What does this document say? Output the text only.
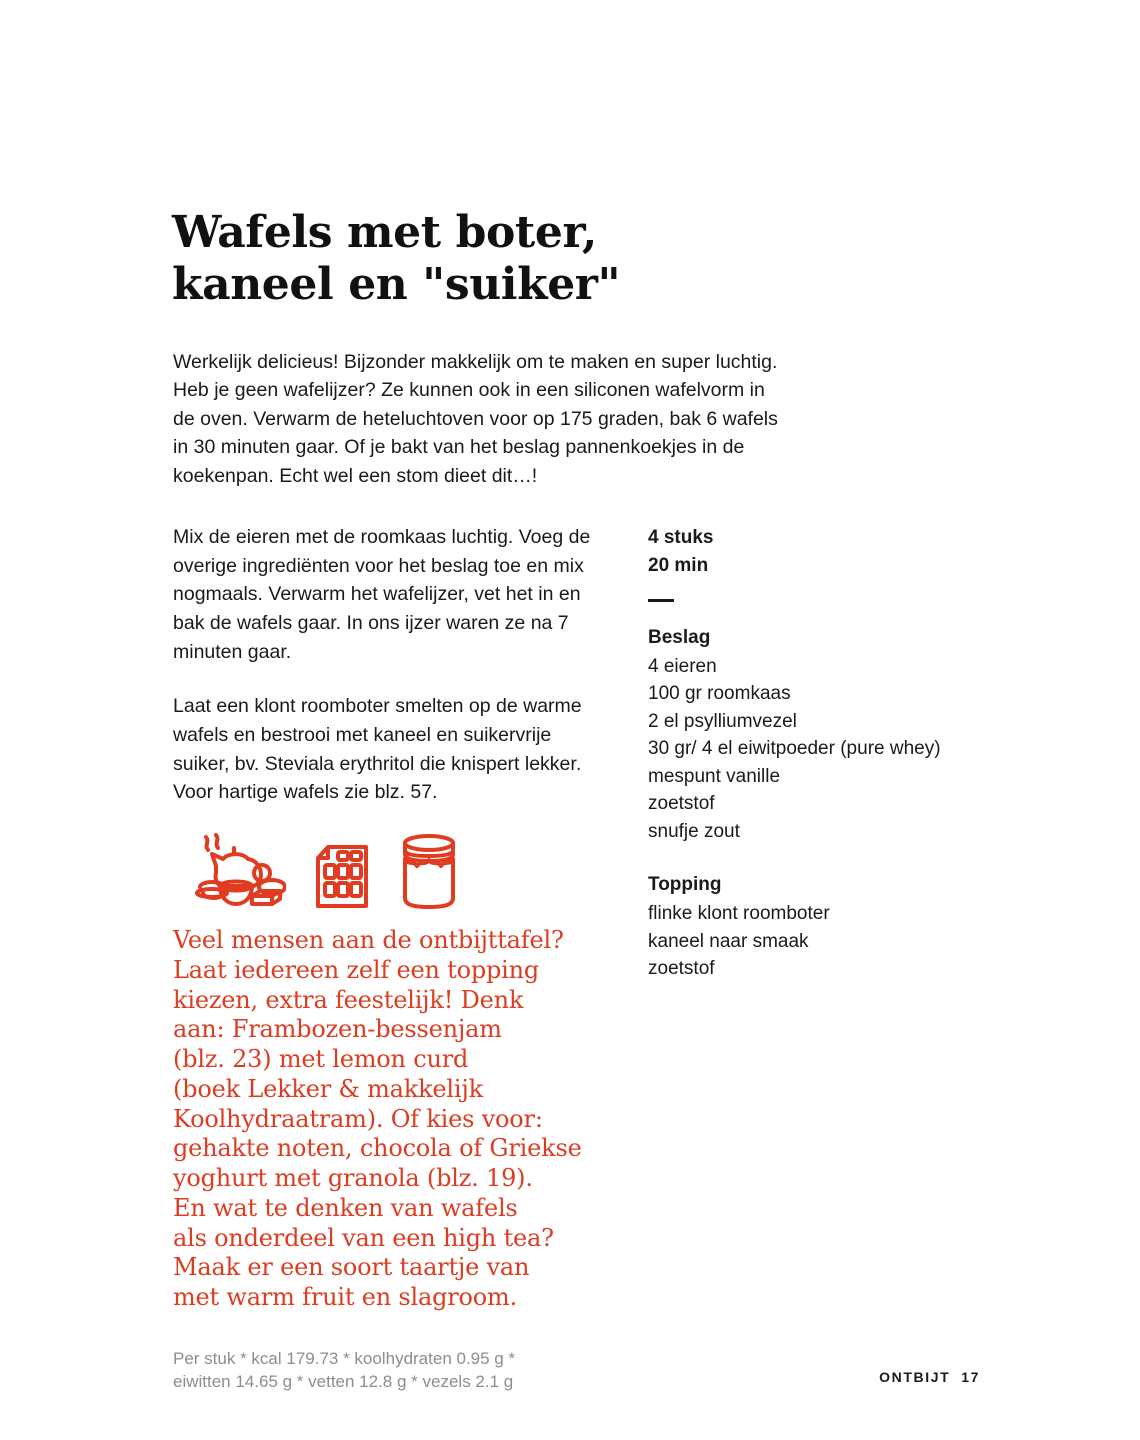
Wafels met boter,
kaneel en "suiker"

Werkelijk delicieus! Bijzonder makkelijk om te maken en super luchtig. Heb je geen wafelijzer? Ze kunnen ook in een siliconen wafelvorm in de oven. Verwarm de heteluchtoven voor op 175 graden, bak 6 wafels in 30 minuten gaar. Of je bakt van het beslag pannenkoekjes in de koekenpan. Echt wel een stom dieet dit…!

Mix de eieren met de roomkaas luchtig. Voeg de overige ingrediënten voor het beslag toe en mix nogmaals. Verwarm het wafelijzer, vet het in en bak de wafels gaar. In ons ijzer waren ze na 7 minuten gaar.

Laat een klont roomboter smelten op de warme wafels en bestrooi met kaneel en suikervrije suiker, bv. Steviala erythritol die knispert lekker. Voor hartige wafels zie blz. 57.

Veel mensen aan de ontbijttafel?
Laat iedereen zelf een topping
kiezen, extra feestelijk! Denk
aan: Frambozen-bessenjam
(blz. 23) met lemon curd
(boek Lekker & makkelijk
Koolhydraatram). Of kies voor:
gehakte noten, chocola of Griekse
yoghurt met granola (blz. 19).
En wat te denken van wafels
als onderdeel van een high tea?
Maak er een soort taartje van
met warm fruit en slagroom.
4 stuks
20 min
Beslag
4 eieren
100 gr roomkaas
2 el psylliumvezel
30 gr/ 4 el eiwitpoeder (pure whey)
mespunt vanille
zoetstof
snufje zout
Topping
flinke klont roomboter
kaneel naar smaak
zoetstof
Per stuk * kcal 179.73 * koolhydraten 0.95 g *
eiwitten 14.65 g * vetten 12.8 g * vezels 2.1 g	ONTBIJT  17
